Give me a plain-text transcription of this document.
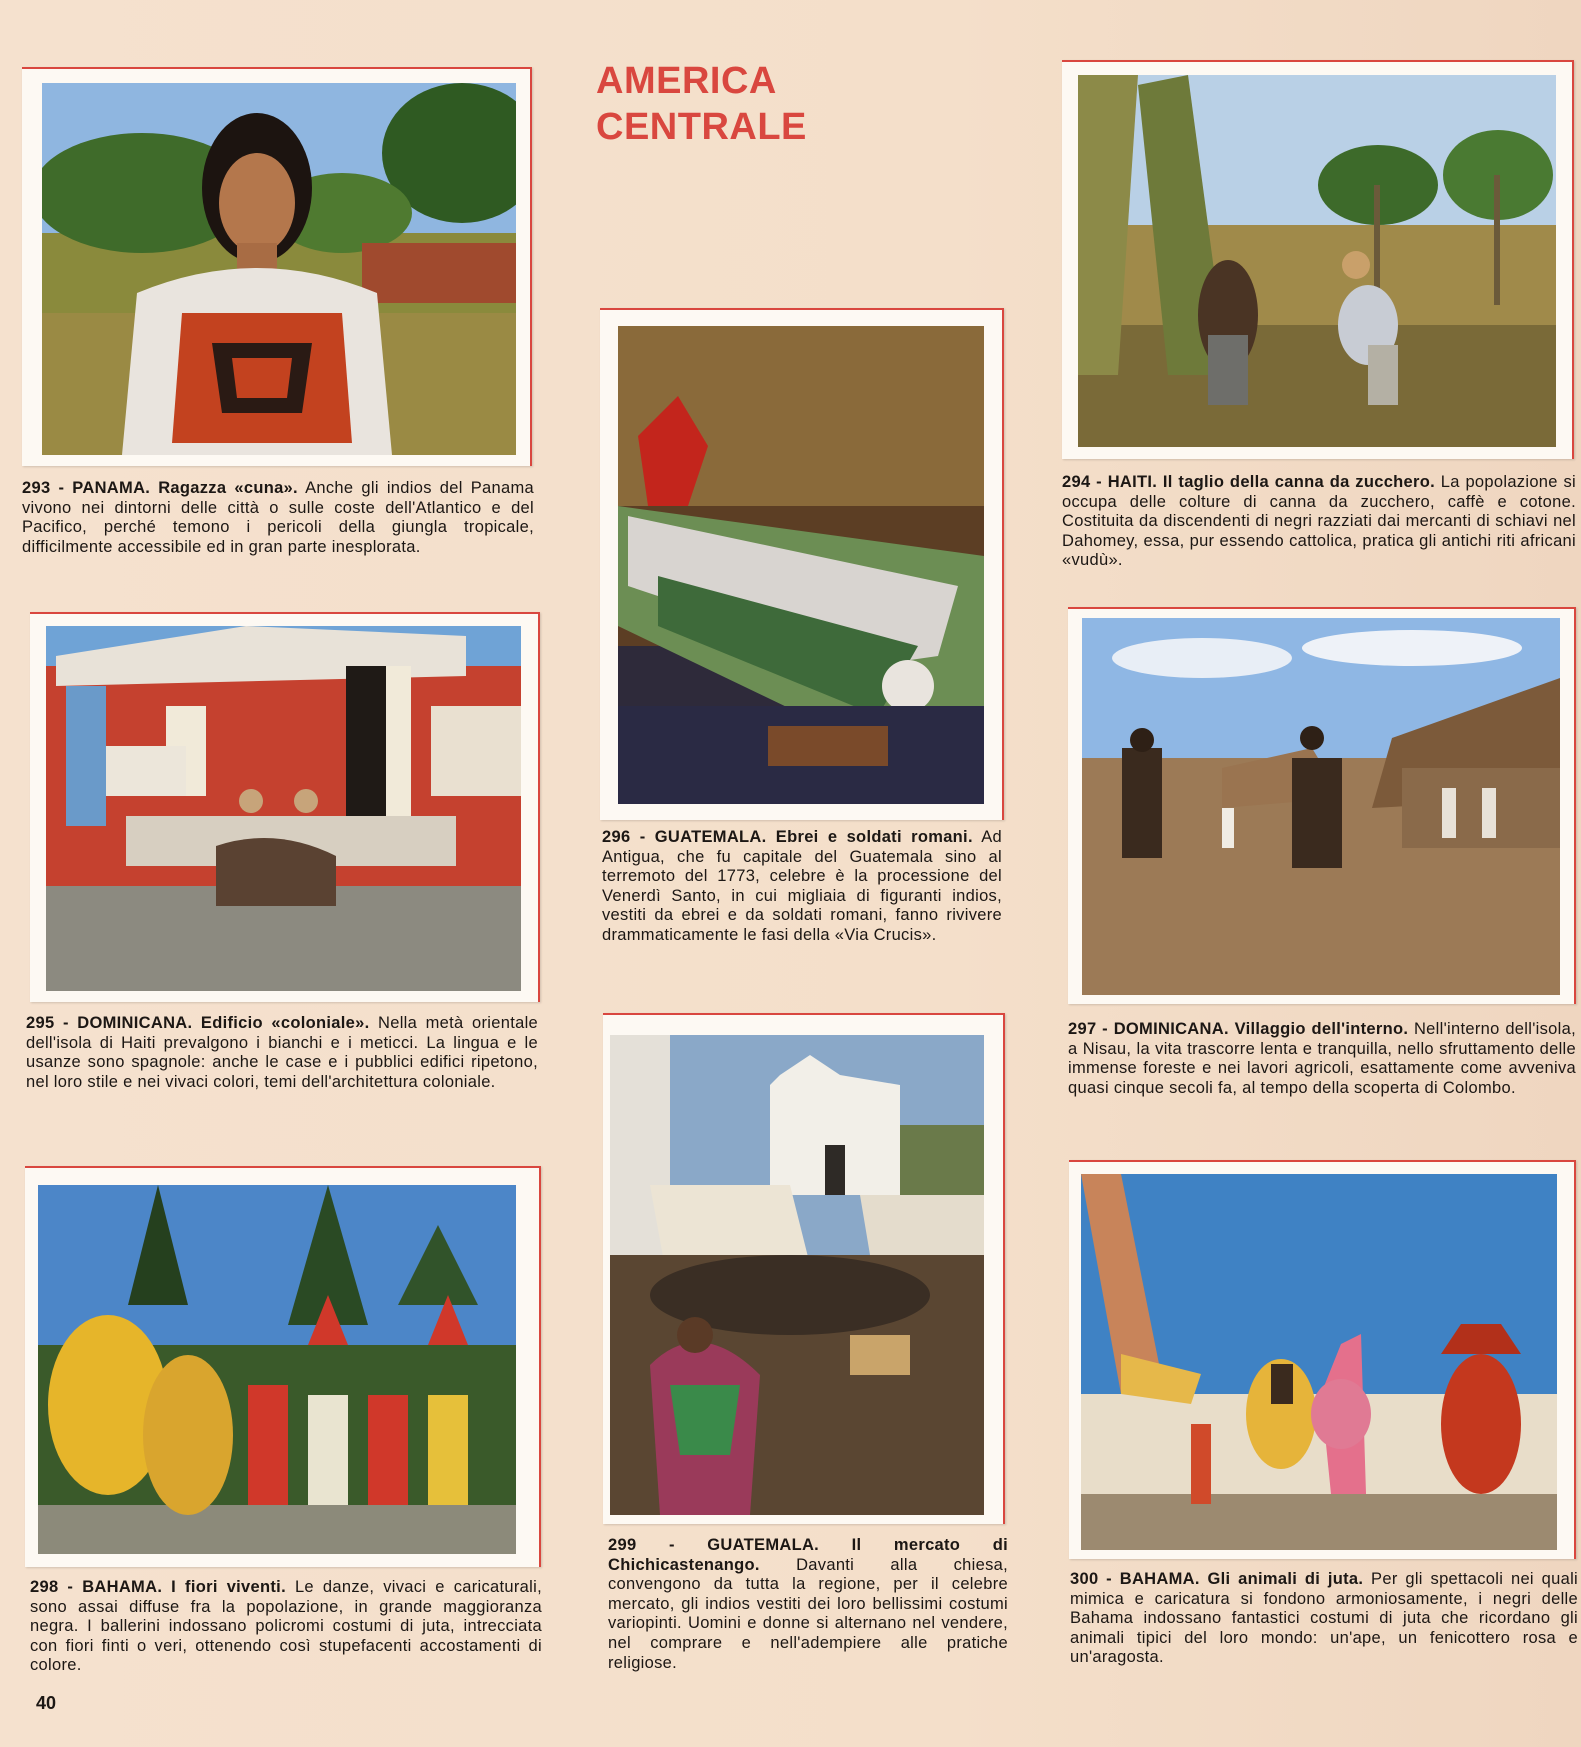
AMERICA
CENTRALE
293 - PANAMA. Ragazza «cuna». Anche gli indios del Panama vivono nei dintorni delle città o sulle coste dell'Atlantico e del Pacifico, perché temono i pericoli della giungla tropicale, difficilmente accessibile ed in gran parte inesplorata.
294 - HAITI. Il taglio della canna da zucchero. La popolazione si occupa delle colture di canna da zucchero, caffè e cotone. Costituita da discendenti di negri razziati dai mercanti di schiavi nel Dahomey, essa, pur essendo cattolica, pratica gli antichi riti africani «vudù».
295 - DOMINICANA. Edificio «coloniale». Nella metà orientale dell'isola di Haiti prevalgono i bianchi e i meticci. La lingua e le usanze sono spagnole: anche le case e i pubblici edifici ripetono, nel loro stile e nei vivaci colori, temi dell'architettura coloniale.
296 - GUATEMALA. Ebrei e soldati romani. Ad Antigua, che fu capitale del Guatemala sino al terremoto del 1773, celebre è la processione del Venerdì Santo, in cui migliaia di figuranti indios, vestiti da ebrei e da soldati romani, fanno rivivere drammaticamente le fasi della «Via Crucis».
297 - DOMINICANA. Villaggio dell'interno. Nell'interno dell'isola, a Nisau, la vita trascorre lenta e tranquilla, nello sfruttamento delle immense foreste e nei lavori agricoli, esattamente come avveniva quasi cinque secoli fa, al tempo della scoperta di Colombo.
298 - BAHAMA. I fiori viventi. Le danze, vivaci e caricaturali, sono assai diffuse fra la popolazione, in grande maggioranza negra. I ballerini indossano policromi costumi di juta, intrecciata con fiori finti o veri, ottenendo così stupefacenti accostamenti di colore.
299 - GUATEMALA. Il mercato di Chichicastenango. Davanti alla chiesa, convengono da tutta la regione, per il celebre mercato, gli indios vestiti dei loro bellissimi costumi variopinti. Uomini e donne si alternano nel vendere, nel comprare e nell'adempiere alle pratiche religiose.
300 - BAHAMA. Gli animali di juta. Per gli spettacoli nei quali mimica e caricatura si fondono armoniosamente, i negri delle Bahama indossano fantastici costumi di juta che ricordano gli animali tipici del loro mondo: un'ape, un fenicottero rosa e un'aragosta.
40
